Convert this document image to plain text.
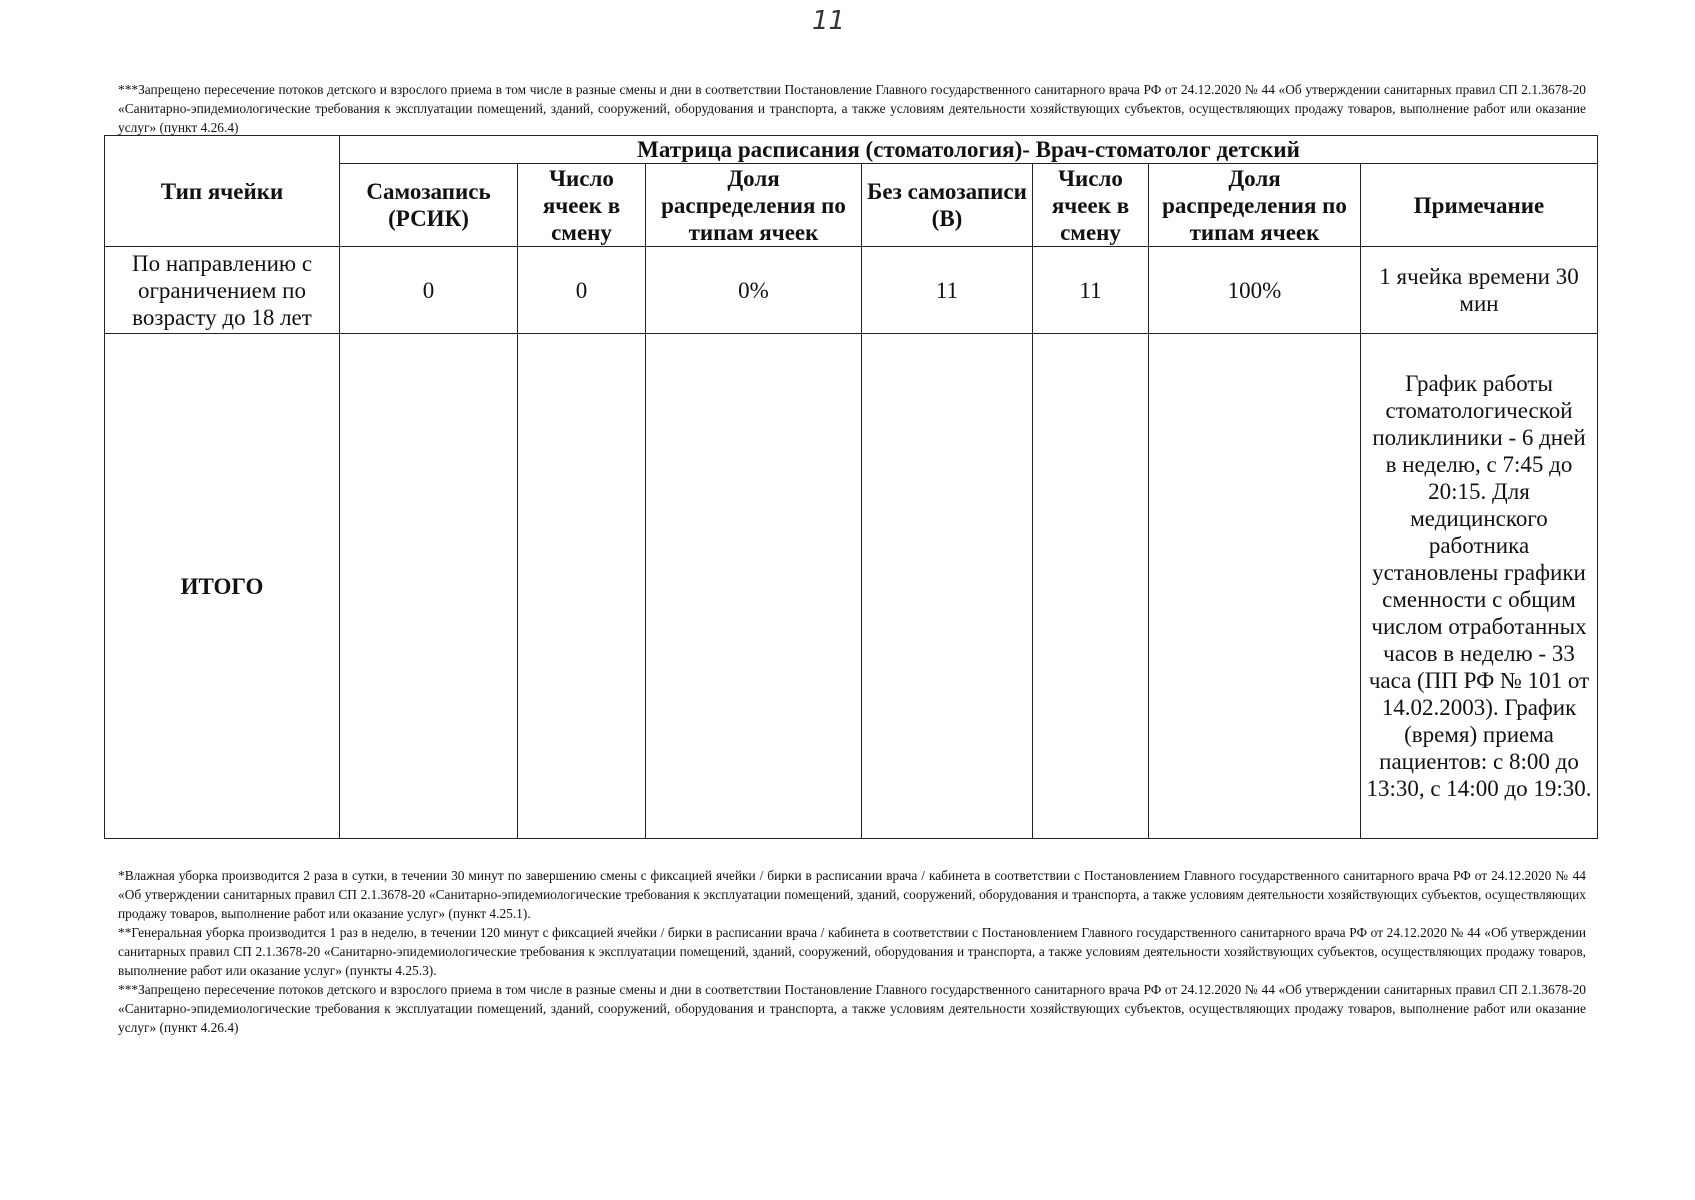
11
***Запрещено пересечение потоков детского и взрослого приема в том числе в разные смены и дни в соответствии Постановление Главного государственного санитарного врача РФ от 24.12.2020 № 44 «Об утверждении санитарных правил СП 2.1.3678-20 «Санитарно-эпидемиологические требования к эксплуатации помещений, зданий, сооружений, оборудования и транспорта, а также условиям деятельности хозяйствующих субъектов, осуществляющих продажу товаров, выполнение работ или оказание услуг» (пункт 4.26.4)
Тип ячейки	Матрица расписания (стоматология)- Врач-стоматолог детский						
	Самозапись (РСИК)	Число ячеек в смену	Доля распределения по типам ячеек	Без самозаписи (В)	Число ячеек в смену	Доля распределения по типам ячеек	Примечание
По направлению с ограничением по возрасту до 18 лет	0	0	0%	11	11	100%	1 ячейка времени 30 мин
ИТОГО							График работы стоматологической поликлиники - 6 дней в неделю, с 7:45 до 20:15. Для медицинского работника установлены графики сменности с общим числом отработанных часов в неделю - 33 часа (ПП РФ № 101 от 14.02.2003). График (время) приема пациентов: с 8:00 до 13:30, с 14:00 до 19:30.

*Влажная уборка производится 2 раза в сутки, в течении 30 минут по завершению смены с фиксацией ячейки / бирки в расписании врача / кабинета в соответствии с Постановлением Главного государственного санитарного врача РФ от 24.12.2020 № 44 «Об утверждении санитарных правил СП 2.1.3678-20 «Санитарно-эпидемиологические требования к эксплуатации помещений, зданий, сооружений, оборудования и транспорта, а также условиям деятельности хозяйствующих субъектов, осуществляющих продажу товаров, выполнение работ или оказание услуг» (пункт 4.25.1).

**Генеральная уборка производится 1 раз в неделю, в течении 120 минут с фиксацией ячейки / бирки в расписании врача / кабинета в соответствии с Постановлением Главного государственного санитарного врача РФ от 24.12.2020 № 44 «Об утверждении санитарных правил СП 2.1.3678-20 «Санитарно-эпидемиологические требования к эксплуатации помещений, зданий, сооружений, оборудования и транспорта, а также условиям деятельности хозяйствующих субъектов, осуществляющих продажу товаров, выполнение работ или оказание услуг» (пункты 4.25.3).

***Запрещено пересечение потоков детского и взрослого приема в том числе в разные смены и дни в соответствии Постановление Главного государственного санитарного врача РФ от 24.12.2020 № 44 «Об утверждении санитарных правил СП 2.1.3678-20 «Санитарно-эпидемиологические требования к эксплуатации помещений, зданий, сооружений, оборудования и транспорта, а также условиям деятельности хозяйствующих субъектов, осуществляющих продажу товаров, выполнение работ или оказание услуг» (пункт 4.26.4)
